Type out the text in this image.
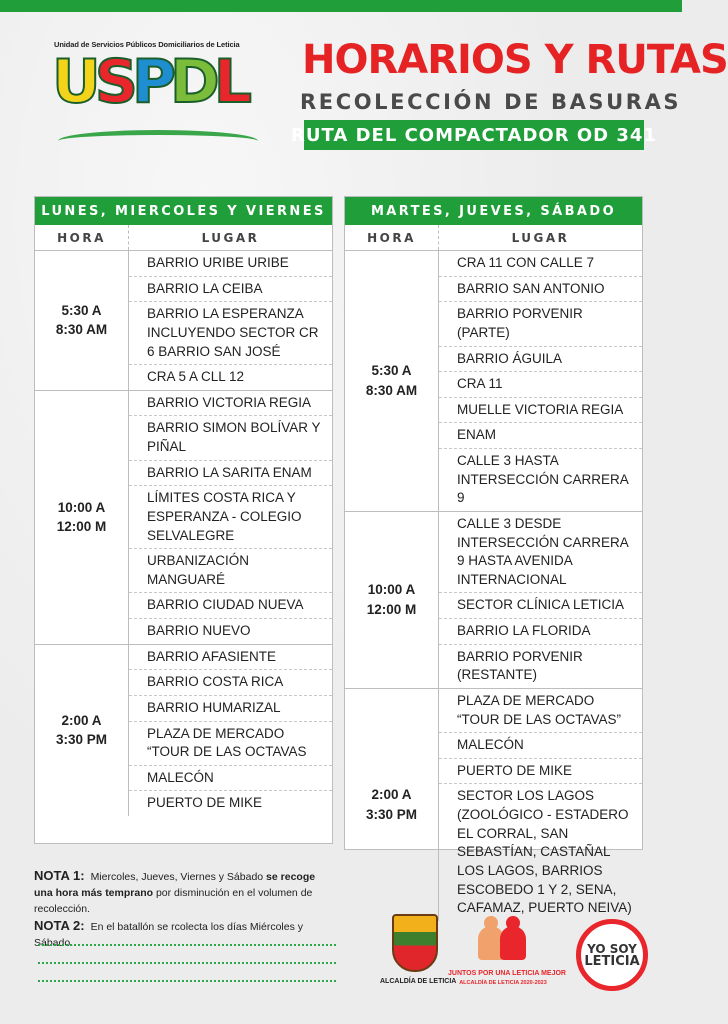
Unidad de Servicios Públicos Domiciliarios de Leticia
USPDL HORARIOS Y RUTAS
RECOLECCIÓN DE BASURAS
RUTA DEL COMPACTADOR OD 341
LUNES, MIERCOLES Y VIERNES
HORA	LUGAR
5:30 A
8:30 AM
BARRIO URIBE URIBE
BARRIO LA CEIBA
BARRIO LA ESPERANZA INCLUYENDO SECTOR CR 6 BARRIO SAN JOSÉ
CRA 5 A CLL 12
10:00 A
12:00 M
BARRIO VICTORIA REGIA
BARRIO SIMON BOLÍVAR Y PIÑAL
BARRIO LA SARITA ENAM
LÍMITES COSTA RICA Y ESPERANZA - COLEGIO SELVALEGRE
URBANIZACIÓN MANGUARÉ
BARRIO CIUDAD NUEVA
BARRIO NUEVO
2:00 A
3:30 PM
BARRIO AFASIENTE
BARRIO COSTA RICA
BARRIO HUMARIZAL
PLAZA DE MERCADO “TOUR DE LAS OCTAVAS
MALECÓN
PUERTO DE MIKE
MARTES, JUEVES, SÁBADO
HORA	LUGAR
5:30 A
8:30 AM
CRA 11 CON CALLE 7
BARRIO SAN ANTONIO
BARRIO PORVENIR (PARTE)
BARRIO ÁGUILA
CRA 11
MUELLE VICTORIA REGIA
ENAM
CALLE 3 HASTA INTERSECCIÓN CARRERA 9
10:00 A
12:00 M
CALLE 3 DESDE INTERSECCIÓN CARRERA 9 HASTA AVENIDA INTERNACIONAL
SECTOR CLÍNICA LETICIA
BARRIO LA FLORIDA
BARRIO PORVENIR (RESTANTE)
2:00 A
3:30 PM
PLAZA DE MERCADO “TOUR DE LAS OCTAVAS”
MALECÓN
PUERTO DE MIKE
SECTOR LOS LAGOS (ZOOLÓGICO - ESTADERO EL CORRAL, SAN SEBASTÍAN, CASTAÑAL LOS LAGOS, BARRIOS ESCOBEDO 1 Y 2, SENA, CAFAMAZ, PUERTO NEIVA)
NOTA 1: Miercoles, Jueves, Viernes y Sábado se recoge una hora más temprano por disminución en el volumen de recolección.
NOTA 2: En el batallón se rcolecta los días Miércoles y Sábado.
ALCALDÍA DE LETICIA
JUNTOS POR UNA LETICIA MEJOR
ALCALDÍA DE LETICIA 2020-2023
YO SOY
LETICIA
